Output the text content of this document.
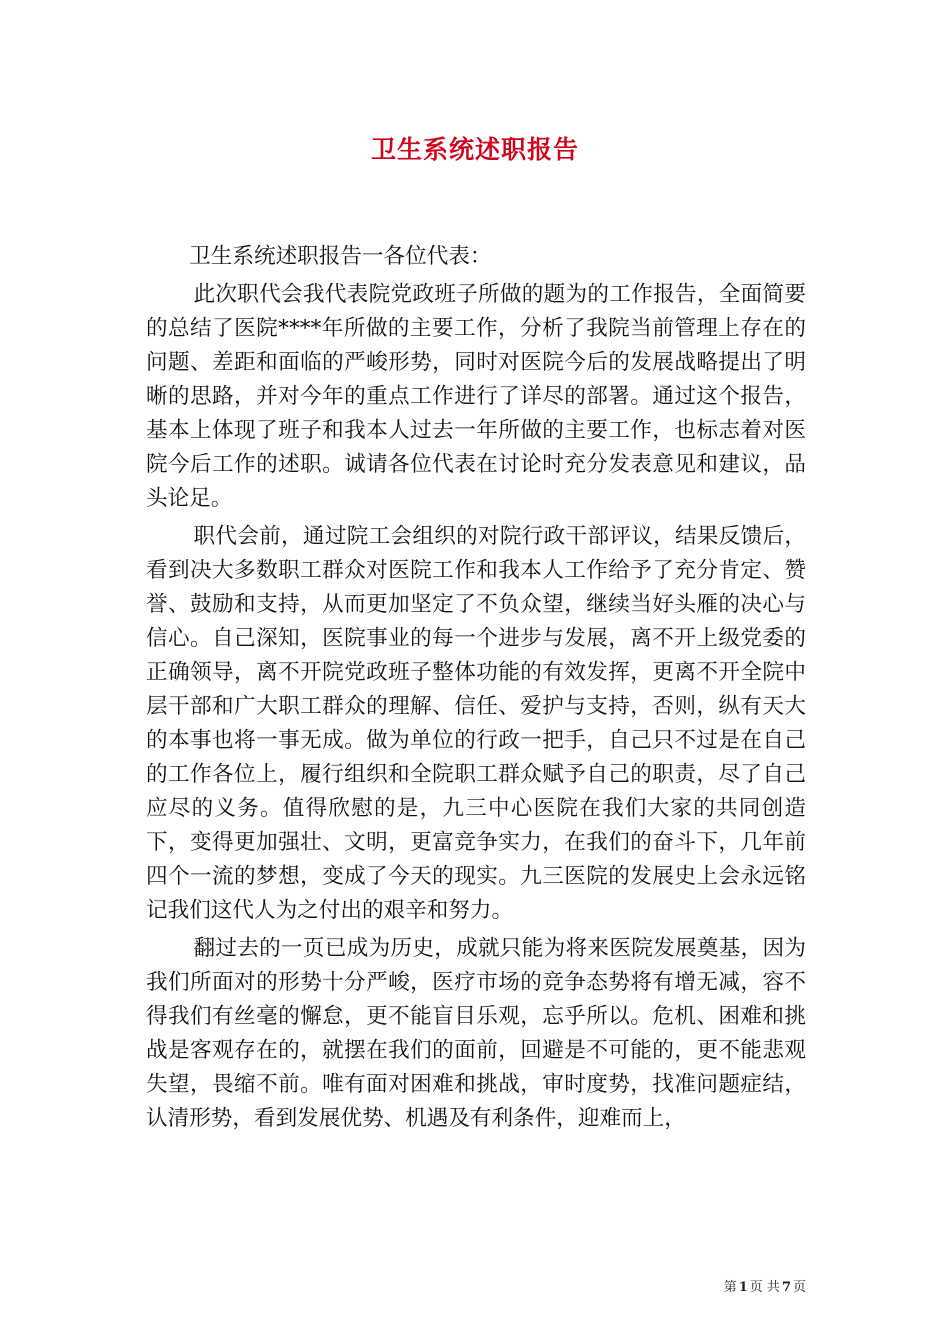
卫生系统述职报告

卫生系统述职报告一各位代表：

此次职代会我代表院党政班子所做的题为的工作报告，全面简要的总结了医院****年所做的主要工作，分析了我院当前管理上存在的问题、差距和面临的严峻形势，同时对医院今后的发展战略提出了明晰的思路，并对今年的重点工作进行了详尽的部署。通过这个报告，基本上体现了班子和我本人过去一年所做的主要工作，也标志着对医院今后工作的述职。诚请各位代表在讨论时充分发表意见和建议，品头论足。

职代会前，通过院工会组织的对院行政干部评议，结果反馈后，看到决大多数职工群众对医院工作和我本人工作给予了充分肯定、赞誉、鼓励和支持，从而更加坚定了不负众望，继续当好头雁的决心与信心。自己深知，医院事业的每一个进步与发展，离不开上级党委的正确领导，离不开院党政班子整体功能的有效发挥，更离不开全院中层干部和广大职工群众的理解、信任、爱护与支持，否则，纵有天大的本事也将一事无成。做为单位的行政一把手，自己只不过是在自己的工作各位上，履行组织和全院职工群众赋予自己的职责，尽了自己应尽的义务。值得欣慰的是，九三中心医院在我们大家的共同创造下，变得更加强壮、文明，更富竞争实力，在我们的奋斗下，几年前四个一流的梦想，变成了今天的现实。九三医院的发展史上会永远铭记我们这代人为之付出的艰辛和努力。

翻过去的一页已成为历史，成就只能为将来医院发展奠基，因为我们所面对的形势十分严峻，医疗市场的竞争态势将有增无减，容不得我们有丝毫的懈怠，更不能盲目乐观，忘乎所以。危机、困难和挑战是客观存在的，就摆在我们的面前，回避是不可能的，更不能悲观失望，畏缩不前。唯有面对困难和挑战，审时度势，找准问题症结，认清形势，看到发展优势、机遇及有利条件，迎难而上，

第 1 页 共 7 页
